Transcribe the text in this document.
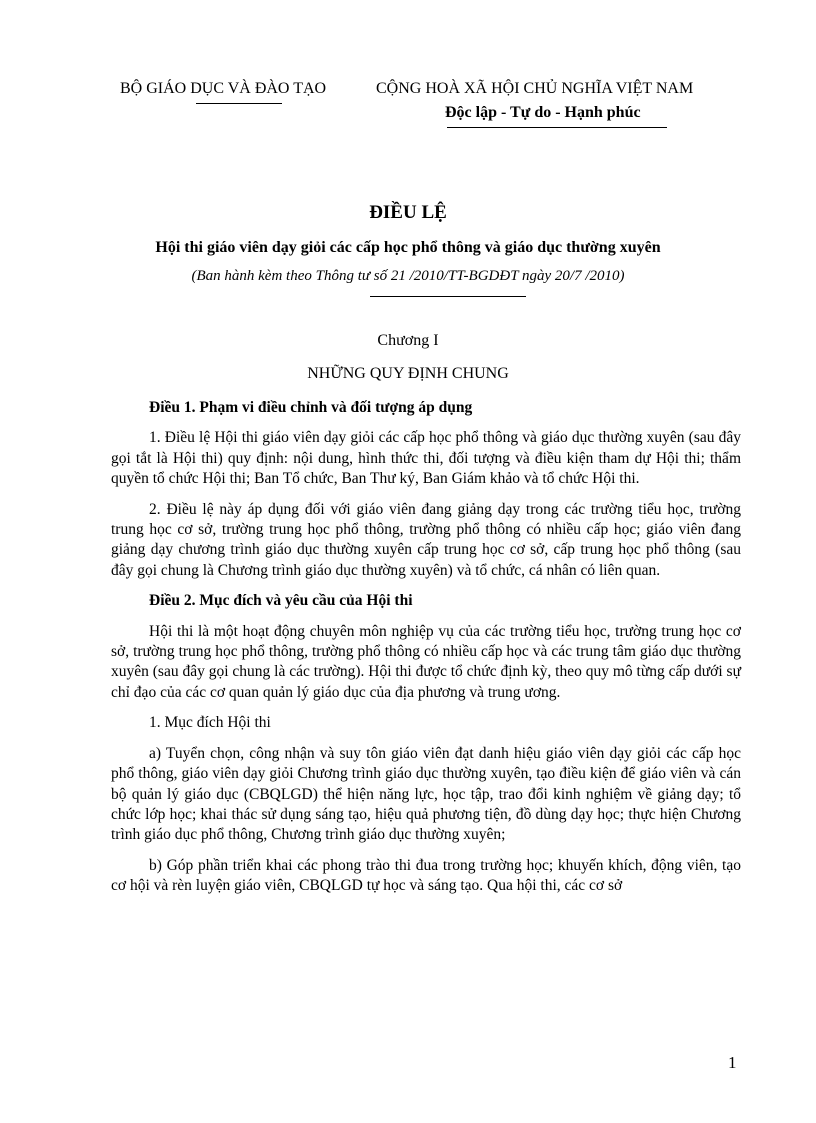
BỘ GIÁO DỤC VÀ ĐÀO TẠO	CỘNG HOÀ XÃ HỘI CHỦ NGHĨA VIỆT NAM
Độc lập - Tự do - Hạnh phúc
ĐIỀU LỆ
Hội thi giáo viên dạy giỏi các cấp học phổ thông và giáo dục thường xuyên
(Ban hành kèm theo Thông tư số 21 /2010/TT-BGDĐT ngày 20/7 /2010)
Chương I
NHỮNG QUY ĐỊNH CHUNG

Điều 1. Phạm vi điều chỉnh và đối tượng áp dụng

1. Điều lệ Hội thi giáo viên dạy giỏi các cấp học phổ thông và giáo dục thường xuyên (sau đây gọi tắt là Hội thi) quy định: nội dung, hình thức thi, đối tượng và điều kiện tham dự Hội thi; thẩm quyền tổ chức Hội thi; Ban Tổ chức, Ban Thư ký, Ban Giám khảo và tổ chức Hội thi.

2. Điều lệ này áp dụng đối với giáo viên đang giảng dạy trong các trường tiểu học, trường trung học cơ sở, trường trung học phổ thông, trường phổ thông có nhiều cấp học; giáo viên đang giảng dạy chương trình giáo dục thường xuyên cấp trung học cơ sở, cấp trung học phổ thông (sau đây gọi chung là Chương trình giáo dục thường xuyên) và tổ chức, cá nhân có liên quan.

Điều 2. Mục đích và yêu cầu của Hội thi

Hội thi là một hoạt động chuyên môn nghiệp vụ của các trường tiểu học, trường trung học cơ sở, trường trung học phổ thông, trường phổ thông có nhiều cấp học và các trung tâm giáo dục thường xuyên (sau đây gọi chung là các trường). Hội thi được tổ chức định kỳ, theo quy mô từng cấp dưới sự chỉ đạo của các cơ quan quản lý giáo dục của địa phương và trung ương.

1. Mục đích Hội thi

a) Tuyển chọn, công nhận và suy tôn giáo viên đạt danh hiệu giáo viên dạy giỏi các cấp học phổ thông, giáo viên dạy giỏi Chương trình giáo dục thường xuyên, tạo điều kiện để giáo viên và cán bộ quản lý giáo dục (CBQLGD) thể hiện năng lực, học tập, trao đổi kinh nghiệm về giảng dạy; tổ chức lớp học; khai thác sử dụng sáng tạo, hiệu quả phương tiện, đồ dùng dạy học; thực hiện Chương trình giáo dục phổ thông, Chương trình giáo dục thường xuyên;

b) Góp phần triển khai các phong trào thi đua trong trường học; khuyến khích, động viên, tạo cơ hội và rèn luyện giáo viên, CBQLGD tự học và sáng tạo. Qua hội thi, các cơ sở

1
